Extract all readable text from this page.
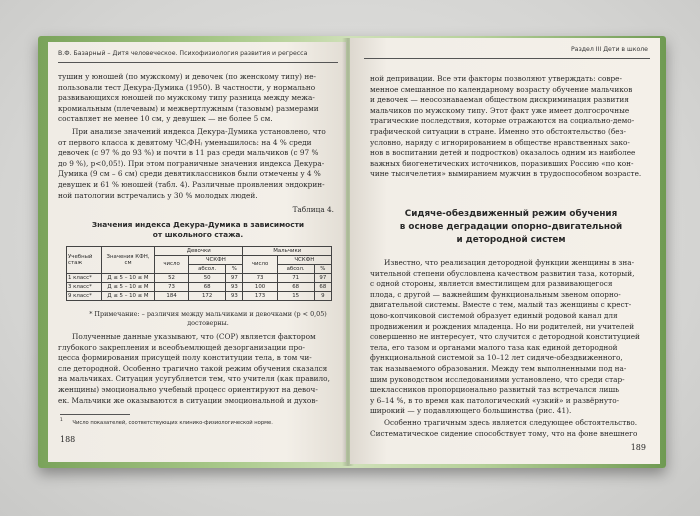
В.Ф. Базарный – Дитя человеческое. Психофизиология развития и регресса

тушин у юношей (по мужскому) и девочек (по женскому типу) не-

пользовали тест Декура-Думика (1950). В частности, у нормально

развивающихся юношей по мужскому типу разница между межа-

кромиальным (плечевым) и межвертлужным (тазовым) размерами

составляет не менее 10 см, у девушек — не более 5 см.

При анализе значений индекса Декура-Думика установлено, что

от первого класса к девятому ЧС₍ФН₎ уменьшилось: на 4 % среди

девочек (с 97 % до 93 %) и почти в 11 раз среди мальчиков (с 97 %

до 9 %), р<0,05!). При этом пограничные значения индекса Декура-

Думика (9 см – 6 см) среди девятиклассников были отмечены у 4 %

девушек и 61 % юношей (табл. 4). Различные проявления эндокрин-

ной патологии встречались у 30 % молодых людей.

Таблица 4.
Значения индекса Декура-Думика в зависимости
от школьного стажа.
Учебный стаж	Значения КФН, см	Девочки			Мальчики		
		число	ЧСКФН		число	ЧСКФН	
			абсол.	%		абсол.	%
1 класс*	Д ≤ 5 – 10 ≤ М	52	50	97	73	71	97
3 класс*	Д ≤ 5 – 10 ≤ М	73	68	93	100	68	68
9 класс*	Д ≤ 5 – 10 ≤ М	184	172	93	173	15	9
* Примечание: – различия между мальчиками и девочками (р < 0,05)
достоверны.

Полученные данные указывают, что (СОР) является фактором

глубокого закрепления и всеобъемлющей дезорганизации про-

цесса формирования присущей полу конституции тела, в том чи-

сле детородной. Особенно трагично такой режим обучения сказался

на мальчиках. Ситуация усугубляется тем, что учителя (как правило,

женщины) эмоционально учебный процесс ориентируют на девоч-

ек. Мальчики же оказываются в ситуации эмоциональной и духов-

$^1$ Число показателей, соответствующих клинико-физиологической норме.
188
Раздел III Дети в школе

ной депривации. Все эти факторы позволяют утверждать: совре-

менное смешанное по календарному возрасту обучение мальчиков

и девочек — неосознаваемая обществом дискриминация развития

мальчиков по мужскому типу. Этот факт уже имеет долгосрочные

трагические последствия, которые отражаются на социально-демо-

графической ситуации в стране. Именно это обстоятельство (без-

условно, наряду с игнорированием в обществе нравственных зако-

нов в воспитании детей и подростков) оказалось одним из наиболее

важных биогенетических источников, поразивших Россию «по кон-

чине тысячелетия» вымиранием мужчин в трудоспособном возрасте.

Сидяче-обездвиженный режим обучения
в основе деградации опорно-двигательной
и детородной систем

Известно, что реализация детородной функции женщины в зна-

чительной степени обусловлена качеством развития таза, который,

с одной стороны, является вместилищем для развивающегося

плода, с другой — важнейшим функциональным звеном опорно-

двигательной системы. Вместе с тем, малый таз женщины с крест-

цово-копчиковой системой образует единый родовой канал для

продвижения и рождения младенца. Но ни родителей, ни учителей

совершенно не интересует, что случится с детородной конституцией

тела, его тазом и органами малого таза как единой детородной

функциональной системой за 10–12 лет сидяче-обездвиженного,

так называемого образования. Между тем выполненными под на-

шим руководством исследованиями установлено, что среди стар-

шеклассников пропорционально развитый таз встречался лишь

у 6–14 %, в то время как патологический «узкий» и развёрнуто-

широкий — у подавляющего большинства (рис. 41).

Особенно трагичным здесь является следующее обстоятельство.

Систематическое сидение способствует тому, что на фоне внешнего

189
